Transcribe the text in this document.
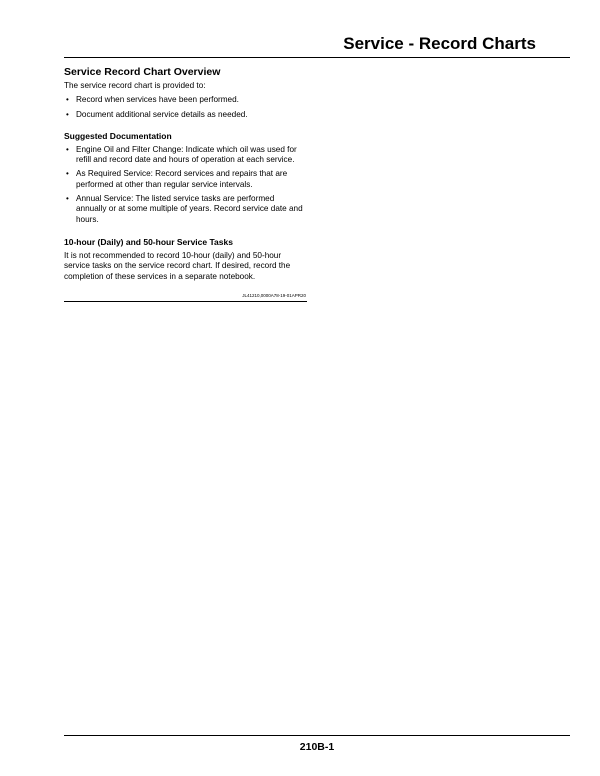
Service - Record Charts
Service Record Chart Overview

The service record chart is provided to:

• Record when services have been performed.
• Document additional service details as needed.
Suggested Documentation
• Engine Oil and Filter Change: Indicate which oil was used for refill and record date and hours of operation at each service.
• As Required Service: Record services and repairs that are performed at other than regular service intervals.
• Annual Service: The listed service tasks are performed annually or at some multiple of years. Record service date and hours.
10-hour (Daily) and 50-hour Service Tasks

It is not recommended to record 10-hour (daily) and 50-hour service tasks on the service record chart. If desired, record the completion of these services in a separate notebook.

JL41210,0000A78-19-01APR20
210B-1
